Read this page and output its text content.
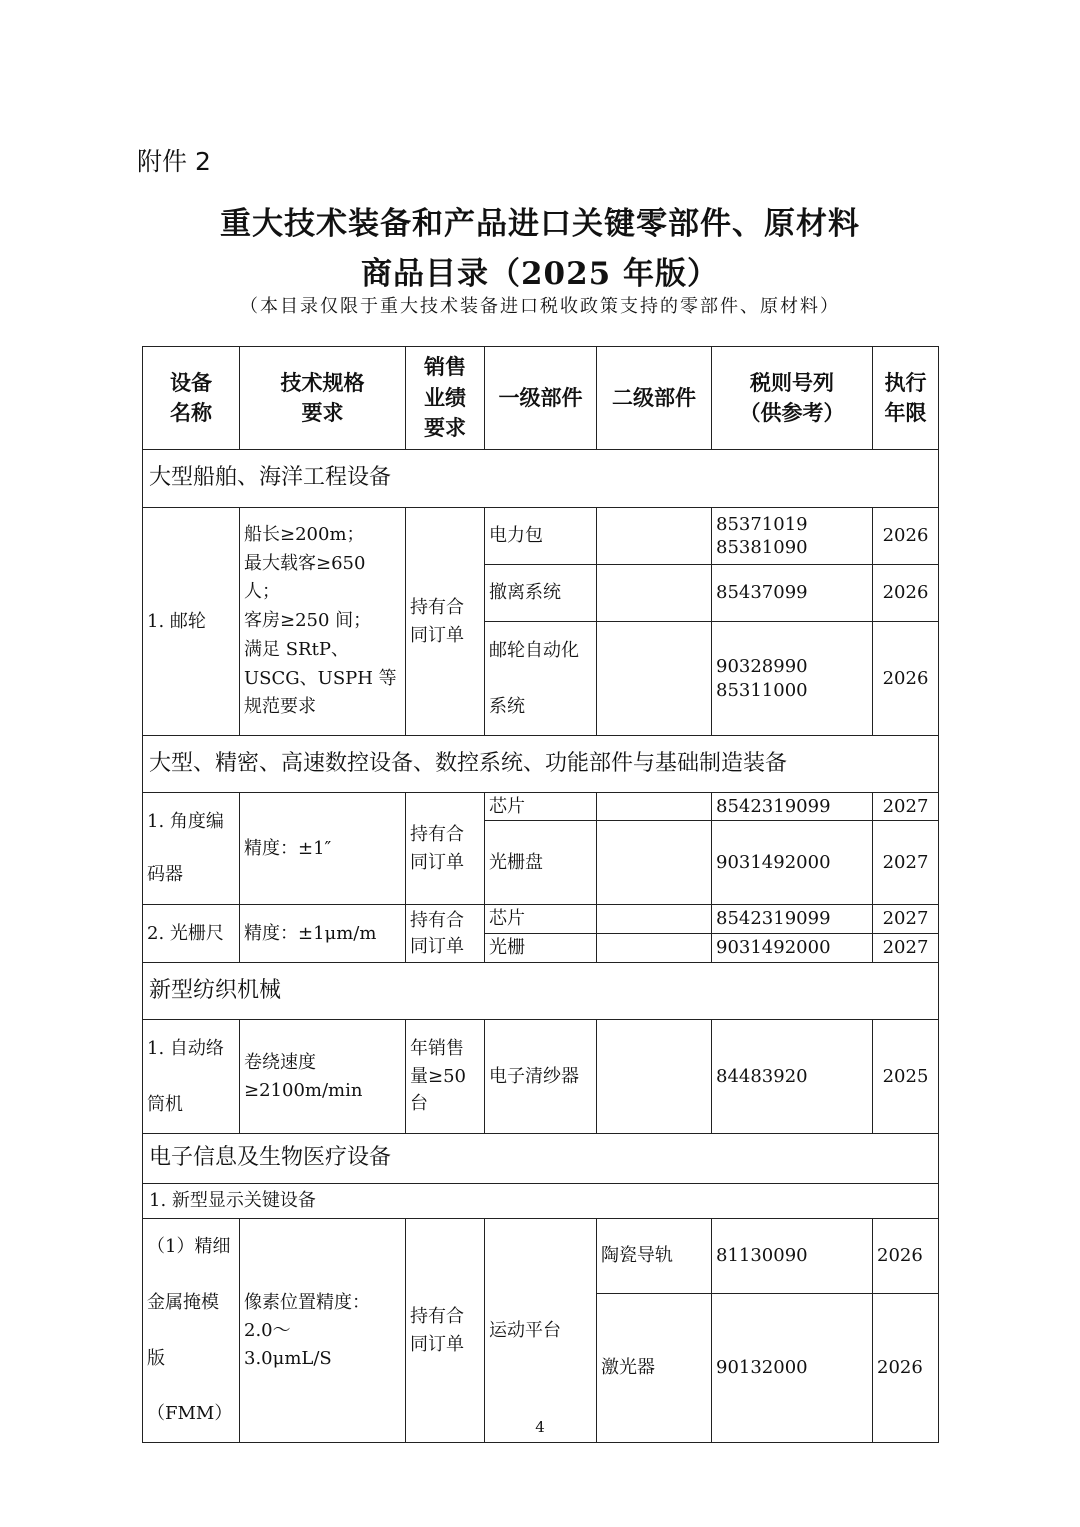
附件 2
重大技术装备和产品进口关键零部件、原材料
商品目录（2025 年版）
（本目录仅限于重大技术装备进口税收政策支持的零部件、原材料）
设备名称	技术规格要求	销售业绩要求	一级部件	二级部件	税则号列（供参考）	执行年限

大型船舶、海洋工程设备						
1. 邮轮	船长≥200m；
最大载客≥650 人；
客房≥250 间；
满足 SRtP、USCG、USPH 等规范要求	持有合同订单	电力包		85371019
85381090	2026
			撤离系统		85437099	2026
			邮轮自动化系统		90328990
85311000	2026
大型、精密、高速数控设备、数控系统、功能部件与基础制造装备						
1. 角度编码器	精度：±1″	持有合同订单	芯片		8542319099	2027
			光栅盘		9031492000	2027
2. 光栅尺	精度：±1μm/m	持有合同订单	芯片		8542319099	2027
			光栅		9031492000	2027
新型纺织机械						
1. 自动络筒机	卷绕速度≥2100m/min	年销售量≥50 台	电子清纱器		84483920	2025
电子信息及生物医疗设备						
1. 新型显示关键设备						
（1）精细金属掩模版（FMM）	像素位置精度：2.0～3.0μmL/S	持有合同订单	运动平台	陶瓷导轨	81130090	2026
				激光器	90132000	2026
4
